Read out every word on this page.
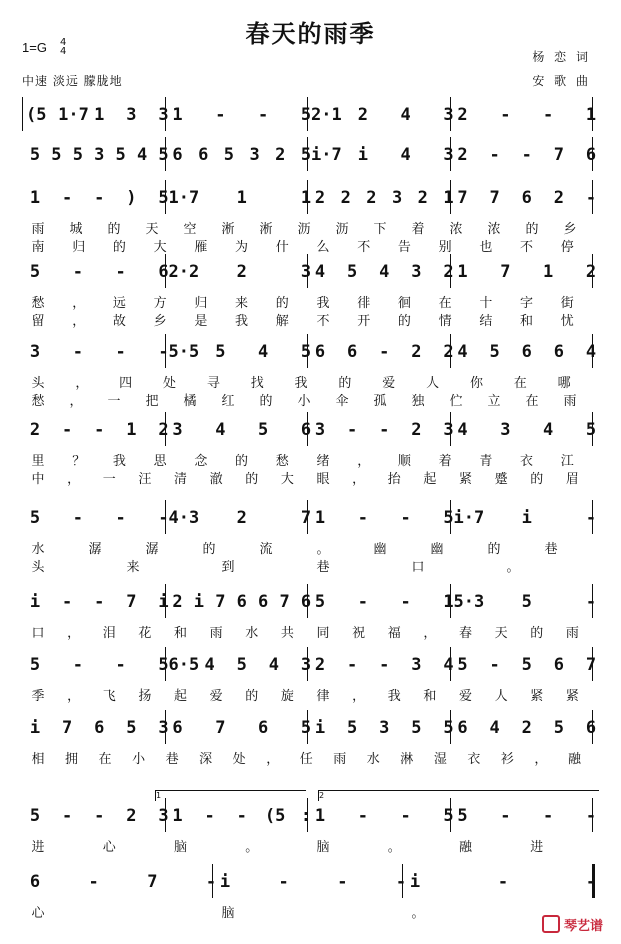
春天的雨季
1=G 4
4
中速 淡远 朦胧地
杨 恋 词
安 歌 曲
(5 1·7 1 3 3 1 - - 5 2·1 2 4 3 2 - - 1
5 5 5 3 5 4 5 6 6 5 3 2 5 i·7 i 4 3 2 - - 7 6
1 - - ) 5 1·7 1	1 2 2 2 3 2 1 7 7 6 2 -
雨 城 的 天 空 淅 淅 沥 沥 下 着 浓 浓 的 乡
南 归 的 大 雁 为 什 么 不 告 别 也 不 停
5 - - 6 2·2 2	3 4 5 4 3 2 1 7 1 2
愁 ， 远 方 归 来 的 我 徘 徊 在 十 字 街
留 ， 故 乡 是 我 解 不 开 的 情 结 和 忧
3 - - - 5·5 5 4 5 6 6 - 2 2 4 5 6 6 4
头 ， 四 处 寻 找 我 的 爱 人 你 在 哪
愁 ， 一 把 橘 红 的 小 伞 孤 独 伫 立 在 雨
2 - - 1 2 3 4 5 6 3 - - 2 3 4 3 4 5
里 ？ 我 思 念 的 愁 绪 ， 顺 着 青 衣 江
中 ， 一 汪 清 澈 的 大 眼 ， 抬 起 紧 蹙 的 眉
5 - - - 4·3 2	7 1 - - 5 i·7 i	-
水	潺	潺	的	流	。	幽	幽	的	巷
头	来	到	巷	口	。
i - - 7 i 2 i 7 6 6 7 6 5 - - 1 5·3 5	-
口 ， 泪 花 和 雨 水 共 同 祝 福 ， 春 天 的 雨
5 - - 5 6·5 4 5 4 3 2 - - 3 4 5 - 5 6 7
季 ， 飞 扬 起 爱 的 旋 律 ， 我 和 爱 人 紧 紧
i 7 6 5 3 6 7 6 5 i 5 3 5 5 6 4 2 5 6
相 拥 在 小 巷 深 处 ， 任 雨 水 淋 湿 衣 衫 ， 融
5 - - 2 3 1 - - (5 : 1 - - 5 5 - - -
进	心	脑	。	脑	。	融	进
1	2
6	-	7	- i	-	-	- i	-	-
心	脑	。
琴艺谱
